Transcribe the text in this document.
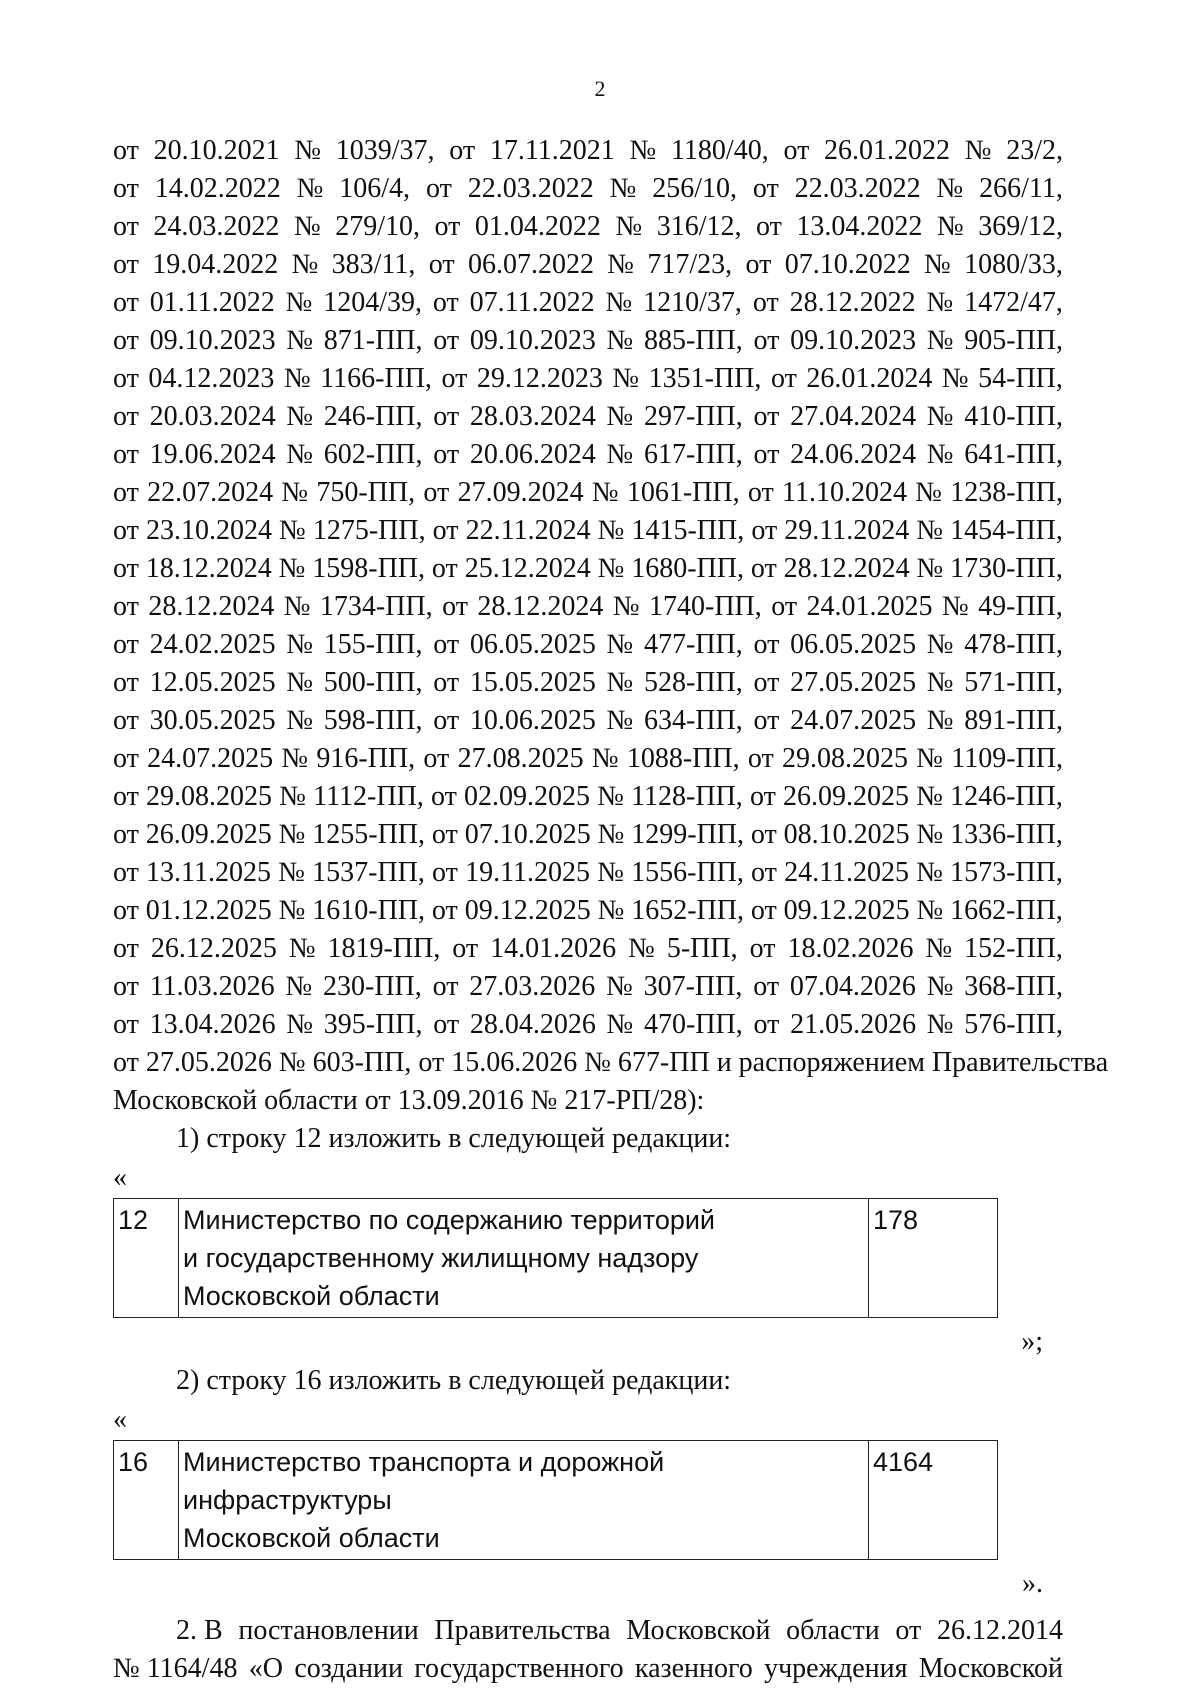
2
от 20.10.2021 № 1039/37, от 17.11.2021 № 1180/40, от 26.01.2022 № 23/2,
от 14.02.2022 № 106/4, от 22.03.2022 № 256/10, от 22.03.2022 № 266/11,
от 24.03.2022 № 279/10, от 01.04.2022 № 316/12, от 13.04.2022 № 369/12,
от 19.04.2022 № 383/11, от 06.07.2022 № 717/23, от 07.10.2022 № 1080/33,
от 01.11.2022 № 1204/39, от 07.11.2022 № 1210/37, от 28.12.2022 № 1472/47,
от 09.10.2023 № 871-ПП, от 09.10.2023 № 885-ПП, от 09.10.2023 № 905-ПП,
от 04.12.2023 № 1166-ПП, от 29.12.2023 № 1351-ПП, от 26.01.2024 № 54-ПП,
от 20.03.2024 № 246-ПП, от 28.03.2024 № 297-ПП, от 27.04.2024 № 410-ПП,
от 19.06.2024 № 602-ПП, от 20.06.2024 № 617-ПП, от 24.06.2024 № 641-ПП,
от 22.07.2024 № 750-ПП, от 27.09.2024 № 1061-ПП, от 11.10.2024 № 1238-ПП,
от 23.10.2024 № 1275-ПП, от 22.11.2024 № 1415-ПП, от 29.11.2024 № 1454-ПП,
от 18.12.2024 № 1598-ПП, от 25.12.2024 № 1680-ПП, от 28.12.2024 № 1730-ПП,
от 28.12.2024 № 1734-ПП, от 28.12.2024 № 1740-ПП, от 24.01.2025 № 49-ПП,
от 24.02.2025 № 155-ПП, от 06.05.2025 № 477-ПП, от 06.05.2025 № 478-ПП,
от 12.05.2025 № 500-ПП, от 15.05.2025 № 528-ПП, от 27.05.2025 № 571-ПП,
от 30.05.2025 № 598-ПП, от 10.06.2025 № 634-ПП, от 24.07.2025 № 891-ПП,
от 24.07.2025 № 916-ПП, от 27.08.2025 № 1088-ПП, от 29.08.2025 № 1109-ПП,
от 29.08.2025 № 1112-ПП, от 02.09.2025 № 1128-ПП, от 26.09.2025 № 1246-ПП,
от 26.09.2025 № 1255-ПП, от 07.10.2025 № 1299-ПП, от 08.10.2025 № 1336-ПП,
от 13.11.2025 № 1537-ПП, от 19.11.2025 № 1556-ПП, от 24.11.2025 № 1573-ПП,
от 01.12.2025 № 1610-ПП, от 09.12.2025 № 1652-ПП, от 09.12.2025 № 1662-ПП,
от 26.12.2025 № 1819-ПП, от 14.01.2026 № 5-ПП, от 18.02.2026 № 152-ПП,
от 11.03.2026 № 230-ПП, от 27.03.2026 № 307-ПП, от 07.04.2026 № 368-ПП,
от 13.04.2026 № 395-ПП, от 28.04.2026 № 470-ПП, от 21.05.2026 № 576-ПП,
от 27.05.2026 № 603-ПП, от 15.06.2026 № 677-ПП и распоряжением Правительства
Московской области от 13.09.2016 № 217-РП/28):
1) строку 12 изложить в следующей редакции:
«
12	Министерство по содержанию территорий
и государственному жилищному надзору
Московской области
	178
»;
2) строку 16 изложить в следующей редакции:
«
16	Министерство транспорта и дорожной инфраструктуры
Московской области
	4164
».
2. В постановлении Правительства Московской области от 26.12.2014
№ 1164/48 «О создании государственного казенного учреждения Московской
